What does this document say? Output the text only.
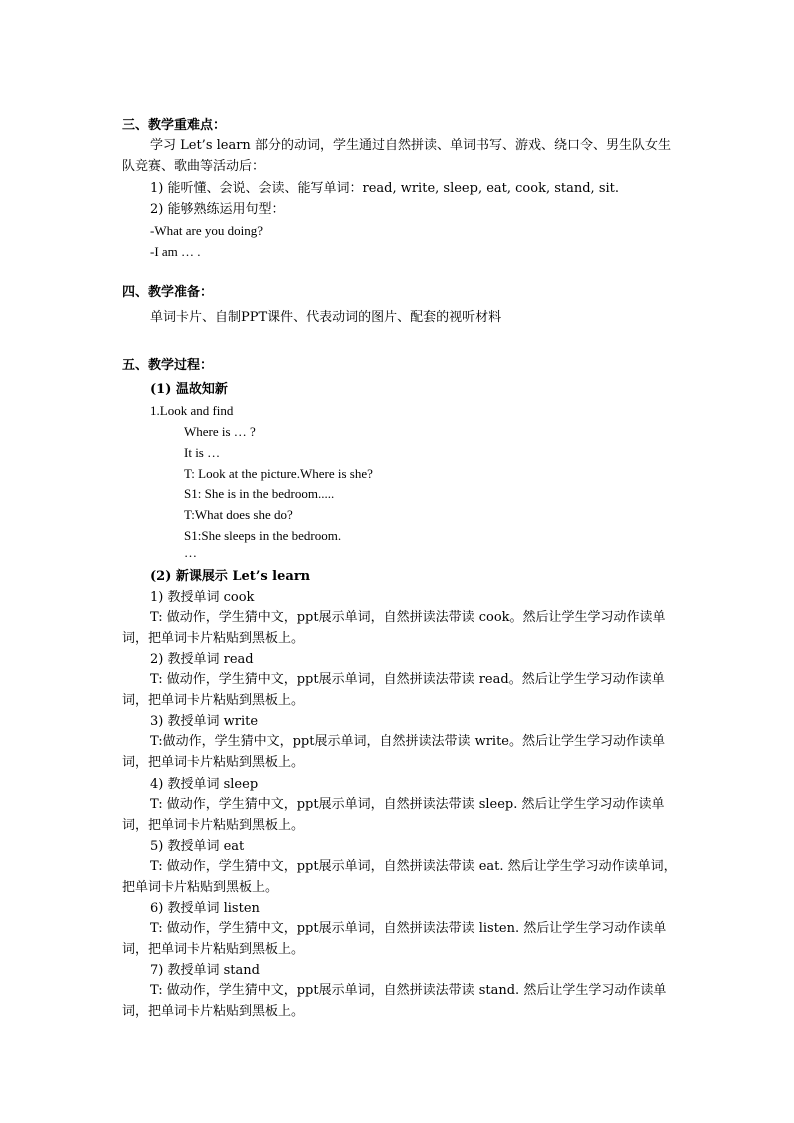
三、教学重难点：
学习 Let’s learn 部分的动词，学生通过自然拼读、单词书写、游戏、绕口令、男生队女生队竞赛、歌曲等活动后：
1) 能听懂、会说、会读、能写单词：read, write, sleep, eat, cook, stand, sit.
2) 能够熟练运用句型：
-What are you doing?
-I am … .
四、教学准备：
单词卡片、自制PPT课件、代表动词的图片、配套的视听材料
五、教学过程：
(1) 温故知新
1.Look and find
Where is … ?
It is …
T: Look at the picture.Where is she?
S1: She is in the bedroom.....
T:What does she do?
S1:She sleeps in the bedroom.
…
(2) 新课展示 Let’s learn
1) 教授单词 cook
T: 做动作，学生猜中文，ppt展示单词，自然拼读法带读 cook。然后让学生学习动作读单词，把单词卡片粘贴到黑板上。
2) 教授单词 read
T: 做动作，学生猜中文，ppt展示单词，自然拼读法带读 read。然后让学生学习动作读单词，把单词卡片粘贴到黑板上。
3) 教授单词 write
T:做动作，学生猜中文，ppt展示单词，自然拼读法带读 write。然后让学生学习动作读单词，把单词卡片粘贴到黑板上。
4) 教授单词 sleep
T: 做动作，学生猜中文，ppt展示单词，自然拼读法带读 sleep. 然后让学生学习动作读单词，把单词卡片粘贴到黑板上。
5) 教授单词 eat
T: 做动作，学生猜中文，ppt展示单词，自然拼读法带读 eat. 然后让学生学习动作读单词，把单词卡片粘贴到黑板上。
6) 教授单词 listen
T: 做动作，学生猜中文，ppt展示单词，自然拼读法带读 listen. 然后让学生学习动作读单词，把单词卡片粘贴到黑板上。
7) 教授单词 stand
T: 做动作，学生猜中文，ppt展示单词，自然拼读法带读 stand. 然后让学生学习动作读单词，把单词卡片粘贴到黑板上。
